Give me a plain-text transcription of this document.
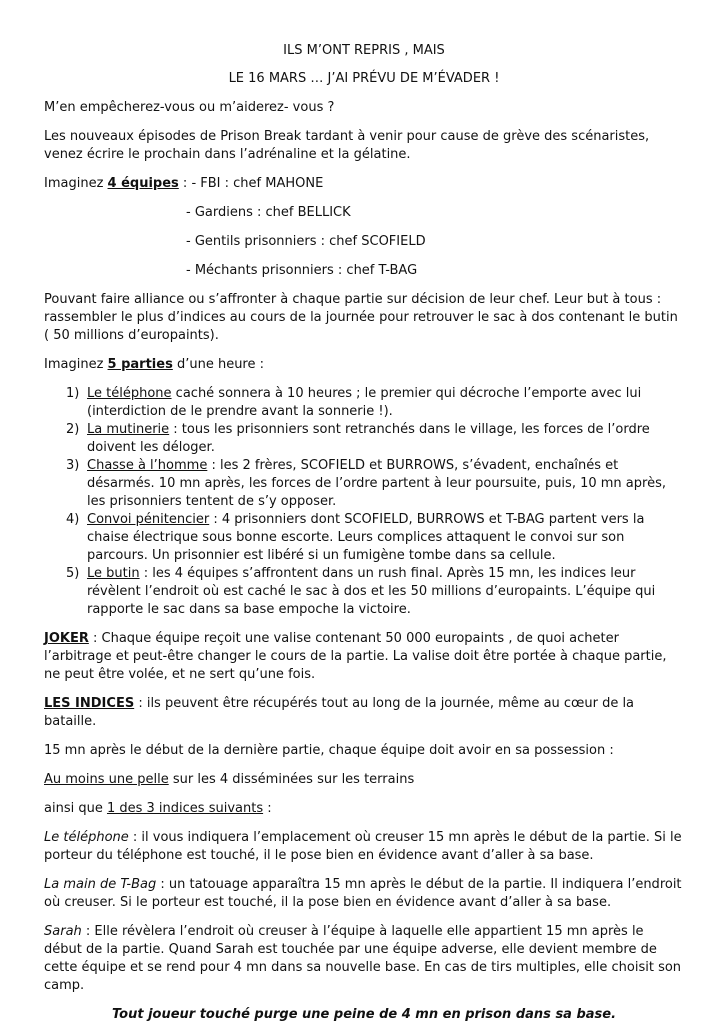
ILS M’ONT REPRIS , MAIS

LE 16 MARS … J’AI PRÉVU DE M’ÉVADER !

M’en empêcherez-vous ou m’aiderez- vous ?

Les nouveaux épisodes de Prison Break tardant à venir pour cause de grève des scénaristes, venez écrire le prochain dans l’adrénaline et la gélatine.

Imaginez 4 équipes : - FBI : chef MAHONE

- Gardiens : chef BELLICK

- Gentils prisonniers : chef SCOFIELD

- Méchants prisonniers : chef T-BAG

Pouvant faire alliance ou s’affronter à chaque partie sur décision de leur chef. Leur but à tous : rassembler le plus d’indices au cours de la journée pour retrouver le sac à dos contenant le butin ( 50 millions d’europaints).

Imaginez 5 parties d’une heure :

1) Le téléphone caché sonnera à 10 heures ; le premier qui décroche l’emporte avec lui (interdiction de le prendre avant la sonnerie !).
2) La mutinerie : tous les prisonniers sont retranchés dans le village, les forces de l’ordre doivent les déloger.
3) Chasse à l’homme : les 2 frères, SCOFIELD et BURROWS, s’évadent, enchaînés et désarmés. 10 mn après, les forces de l’ordre partent à leur poursuite, puis, 10 mn après, les prisonniers tentent de s’y opposer.
4) Convoi pénitencier : 4 prisonniers dont SCOFIELD, BURROWS et T-BAG partent vers la chaise électrique sous bonne escorte. Leurs complices attaquent le convoi sur son parcours. Un prisonnier est libéré si un fumigène tombe dans sa cellule.
5) Le butin : les 4 équipes s’affrontent dans un rush final. Après 15 mn, les indices leur révèlent l’endroit où est caché le sac à dos et les 50 millions d’europaints. L’équipe qui rapporte le sac dans sa base empoche la victoire.

JOKER : Chaque équipe reçoit une valise contenant 50 000 europaints , de quoi acheter l’arbitrage et peut-être changer le cours de la partie. La valise doit être portée à chaque partie, ne peut être volée, et ne sert qu’une fois.

LES INDICES : ils peuvent être récupérés tout au long de la journée, même au cœur de la bataille.

15 mn après le début de la dernière partie, chaque équipe doit avoir en sa possession :

Au moins une pelle sur les 4 disséminées sur les terrains

ainsi que 1 des 3 indices suivants :

Le téléphone : il vous indiquera l’emplacement où creuser 15 mn après le début de la partie. Si le porteur du téléphone est touché, il le pose bien en évidence avant d’aller à sa base.

La main de T-Bag : un tatouage apparaîtra 15 mn après le début de la partie. Il indiquera l’endroit où creuser. Si le porteur est touché, il la pose bien en évidence avant d’aller à sa base.

Sarah : Elle révèlera l’endroit où creuser à l’équipe à laquelle elle appartient 15 mn après le début de la partie. Quand Sarah est touchée par une équipe adverse, elle devient membre de cette équipe et se rend pour 4 mn dans sa nouvelle base. En cas de tirs multiples, elle choisit son camp.

Tout joueur touché purge une peine de 4 mn en prison dans sa base.
